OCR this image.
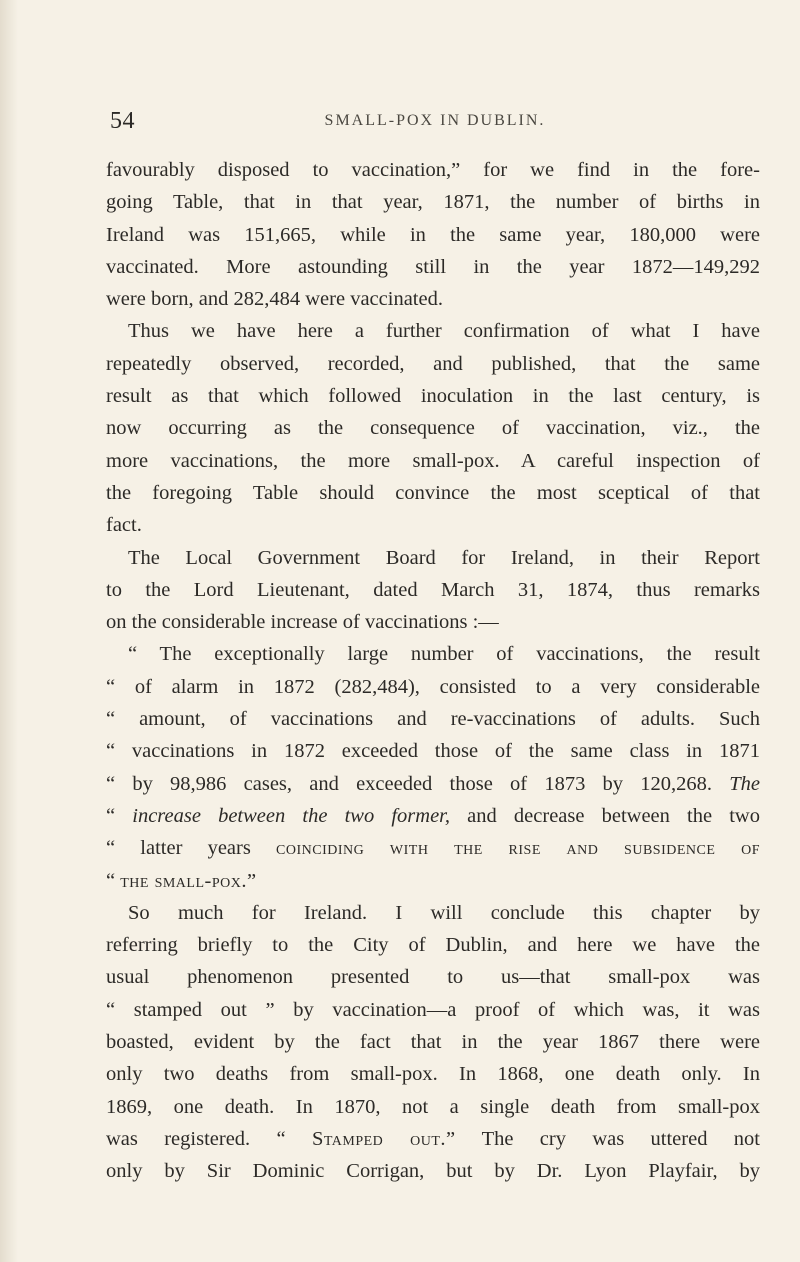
54	SMALL-POX IN DUBLIN.
favourably disposed to vaccination,” for we find in the fore-
going Table, that in that year, 1871, the number of births in
Ireland was 151,665, while in the same year, 180,000 were
vaccinated. More astounding still in the year 1872—149,292
were born, and 282,484 were vaccinated.
Thus we have here a further confirmation of what I have
repeatedly observed, recorded, and published, that the same
result as that which followed inoculation in the last century, is
now occurring as the consequence of vaccination, viz., the
more vaccinations, the more small-pox. A careful inspection of
the foregoing Table should convince the most sceptical of that
fact.
The Local Government Board for Ireland, in their Report
to the Lord Lieutenant, dated March 31, 1874, thus remarks
on the considerable increase of vaccinations :—
“ The exceptionally large number of vaccinations, the result
“ of alarm in 1872 (282,484), consisted to a very considerable
“ amount, of vaccinations and re-vaccinations of adults. Such
“ vaccinations in 1872 exceeded those of the same class in 1871
“ by 98,986 cases, and exceeded those of 1873 by 120,268. The
“ increase between the two former, and decrease between the two
“ latter years coinciding with the rise and subsidence of
“ the small-pox.”
So much for Ireland. I will conclude this chapter by
referring briefly to the City of Dublin, and here we have the
usual phenomenon presented to us—that small-pox was
“ stamped out ” by vaccination—a proof of which was, it was
boasted, evident by the fact that in the year 1867 there were
only two deaths from small-pox. In 1868, one death only. In
1869, one death. In 1870, not a single death from small-pox
was registered. “ Stamped out.” The cry was uttered not
only by Sir Dominic Corrigan, but by Dr. Lyon Playfair, by
